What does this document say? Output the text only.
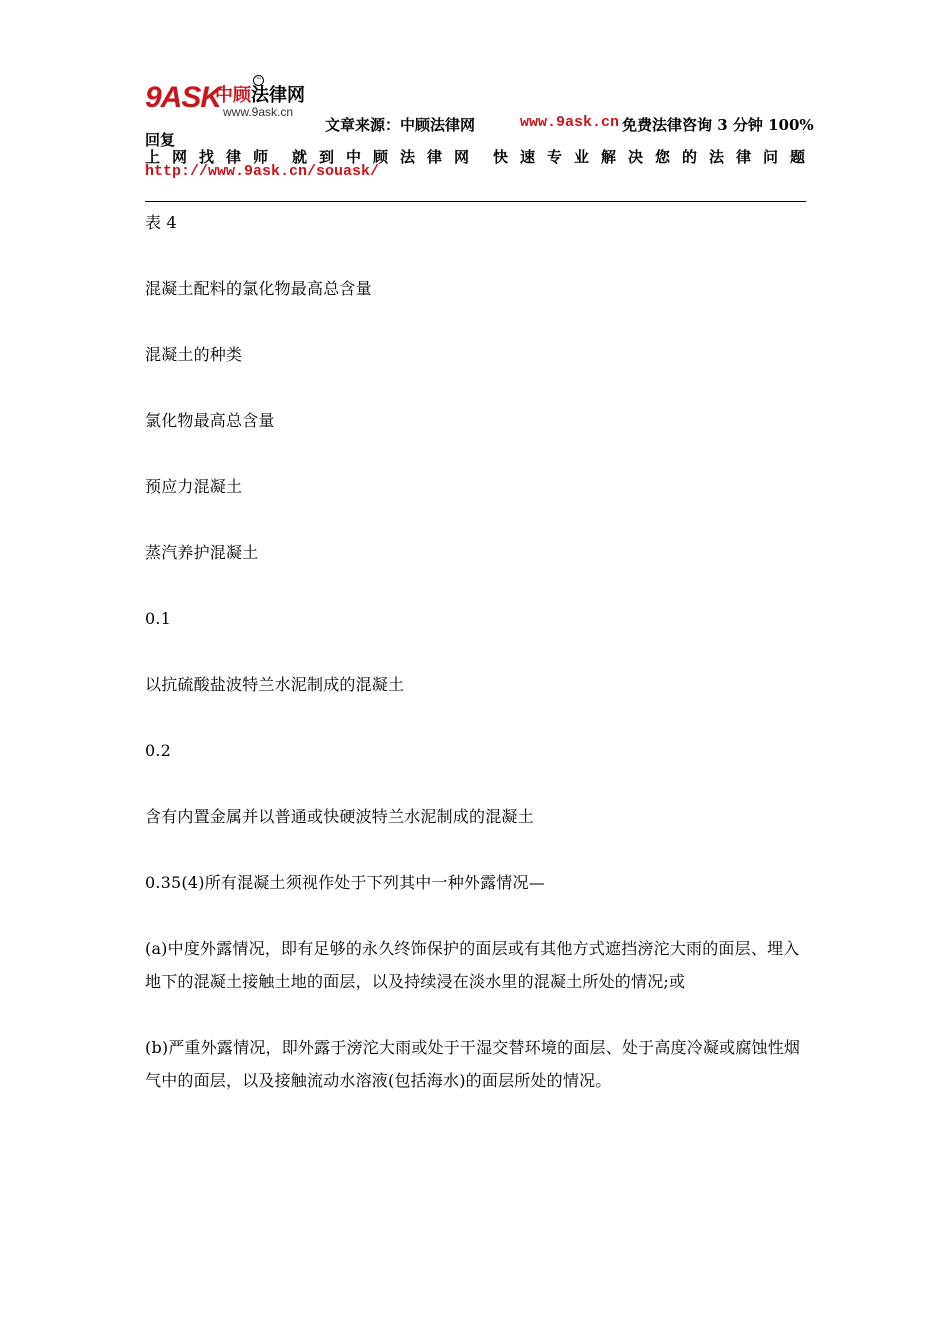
9ASK
中顾法律网
™
www.9ask.cn
文章来源：中顾法律网	www.9ask.cn 免费法律咨询 3 分钟 100%
回复
上 网 找 律 师 就 到 中 顾 法 律 网 快 速 专 业 解 决 您 的 法 律 问 题
http://www.9ask.cn/souask/

表 4

混凝土配料的氯化物最高总含量

混凝土的种类

氯化物最高总含量

预应力混凝土

蒸汽养护混凝土

0.1

以抗硫酸盐波特兰水泥制成的混凝土

0.2

含有内置金属并以普通或快硬波特兰水泥制成的混凝土

0.35(4)所有混凝土须视作处于下列其中一种外露情况—

(a)中度外露情况，即有足够的永久终饰保护的面层或有其他方式遮挡滂沱大雨的面层、埋入地下的混凝土接触土地的面层，以及持续浸在淡水里的混凝土所处的情况;或

(b)严重外露情况，即外露于滂沱大雨或处于干湿交替环境的面层、处于高度冷凝或腐蚀性烟气中的面层，以及接触流动水溶液(包括海水)的面层所处的情况。
